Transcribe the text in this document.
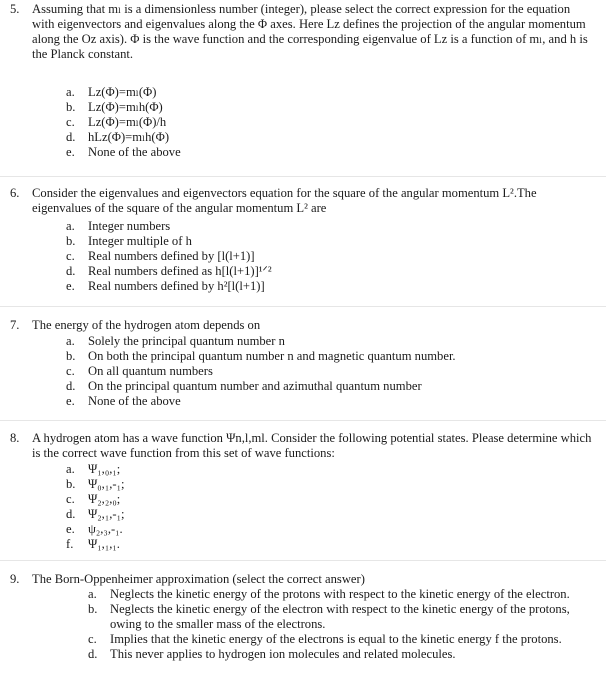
5. Assuming that mₗ is a dimensionless number (integer), please select the correct expression for the equation with eigenvectors and eigenvalues along the Φ axes. Here Lz defines the projection of the angular momentum along the Oz axis). Φ is the wave function and the corresponding eigenvalue of Lz is a function of mₗ, and h is the Planck constant.
a. Lz(Φ)=mₗ(Φ)
b. Lz(Φ)=mₗh(Φ)
c. Lz(Φ)=mₗ(Φ)/h
d. hLz(Φ)=mₗh(Φ)
e. None of the above
6. Consider the eigenvalues and eigenvectors equation for the square of the angular momentum L².The eigenvalues of the square of the angular momentum L² are
a. Integer numbers
b. Integer multiple of h
c. Real numbers defined by [l(l+1)]
d. Real numbers defined as h[l(l+1)]¹ᐟ²
e. Real numbers defined by h²[l(l+1)]
7. The energy of the hydrogen atom depends on
a. Solely the principal quantum number n
b. On both the principal quantum number n and magnetic quantum number.
c. On all quantum numbers
d. On the principal quantum number and azimuthal quantum number
e. None of the above
8. A hydrogen atom has a wave function Ψn,l,ml. Consider the following potential states. Please determine which is the correct wave function from this set of wave functions:
a. Ψ₁,₀,₁;
b. Ψ₀,₁,-₁;
c. Ψ₂,₂,₀;
d. Ψ₂,₁,-₁;
e. ψ₂,₃,-₁.
f. Ψ₁,₁,₁.
9. The Born-Oppenheimer approximation (select the correct answer)
a. Neglects the kinetic energy of the protons with respect to the kinetic energy of the electron.
b. Neglects the kinetic energy of the electron with respect to the kinetic energy of the protons, owing to the smaller mass of the electrons.
c. Implies that the kinetic energy of the electrons is equal to the kinetic energy f the protons.
d. This never applies to hydrogen ion molecules and related molecules.
